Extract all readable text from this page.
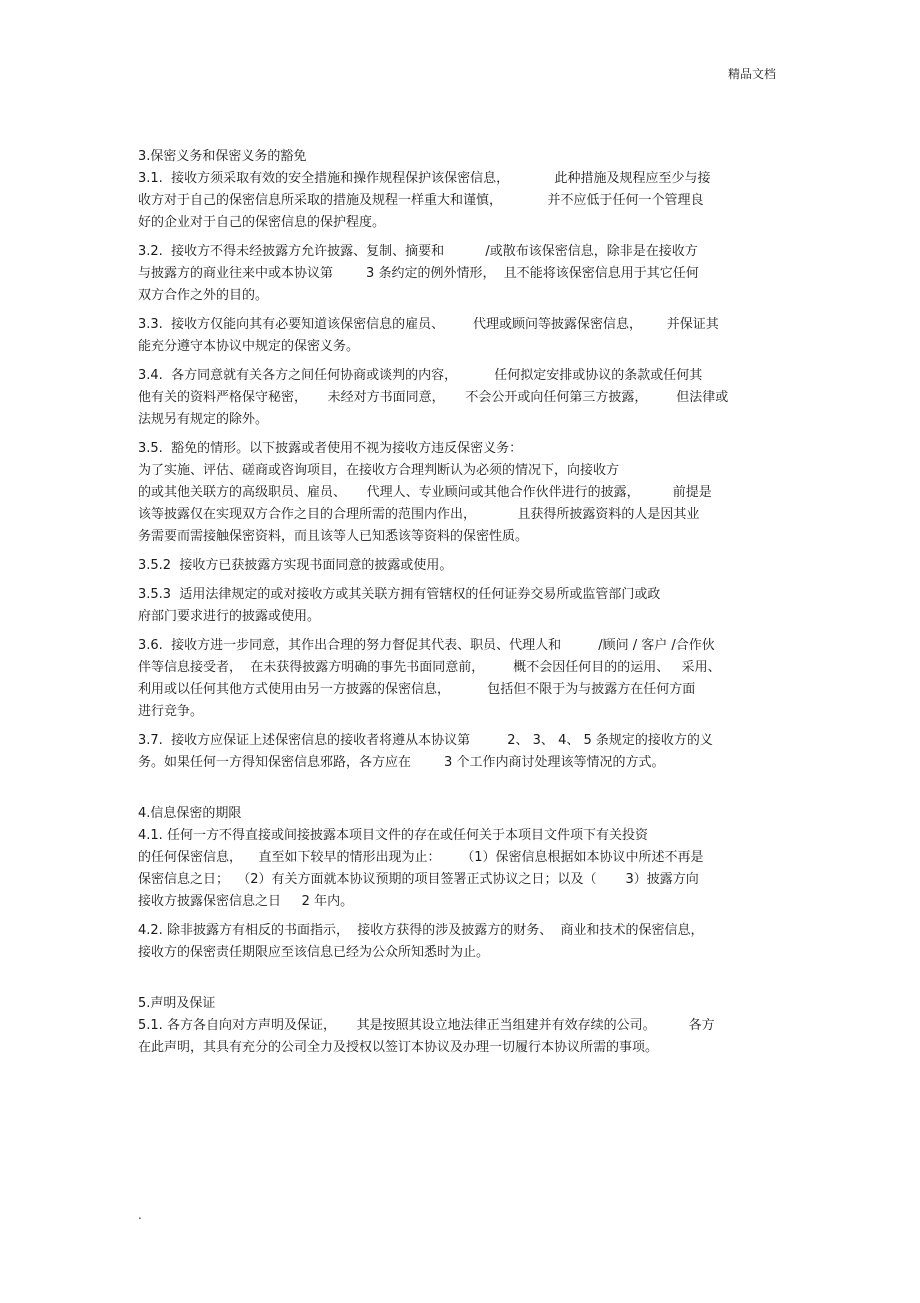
精品文档
3.保密义务和保密义务的豁免
3.1.  接收方须采取有效的安全措施和操作规程保护该保密信息，           此种措施及规程应至少与接
收方对于自己的保密信息所采取的措施及规程一样重大和谨慎，           并不应低于任何一个管理良
好的企业对于自己的保密信息的保护程度。
3.2.  接收方不得未经披露方允许披露、复制、摘要和          /或散布该保密信息，除非是在接收方
与披露方的商业往来中或本协议第        3 条约定的例外情形，  且不能将该保密信息用于其它任何
双方合作之外的目的。
3.3.  接收方仅能向其有必要知道该保密信息的雇员、       代理或顾问等披露保密信息，      并保证其
能充分遵守本协议中规定的保密义务。
3.4.  各方同意就有关各方之间任何协商或谈判的内容，         任何拟定安排或协议的条款或任何其
他有关的资料严格保守秘密，     未经对方书面同意，     不会公开或向任何第三方披露，       但法律或
法规另有规定的除外。
3.5.  豁免的情形。以下披露或者使用不视为接收方违反保密义务：
为了实施、评估、磋商或咨询项目，在接收方合理判断认为必须的情况下，向接收方
的或其他关联方的高级职员、雇员、     代理人、专业顾问或其他合作伙伴进行的披露，        前提是
该等披露仅在实现双方合作之目的合理所需的范围内作出，          且获得所披露资料的人是因其业
务需要而需接触保密资料，而且该等人已知悉该等资料的保密性质。
3.5.2  接收方已获披露方实现书面同意的披露或使用。
3.5.3  适用法律规定的或对接收方或其关联方拥有管辖权的任何证券交易所或监管部门或政
府部门要求进行的披露或使用。
3.6.  接收方进一步同意，其作出合理的努力督促其代表、职员、代理人和         /顾问 / 客户 /合作伙
伴等信息接受者，  在未获得披露方明确的事先书面同意前，       概不会因任何目的的运用、   采用、
利用或以任何其他方式使用由另一方披露的保密信息，         包括但不限于为与披露方在任何方面
进行竞争。
3.7.  接收方应保证上述保密信息的接收者将遵从本协议第         2、 3、 4、 5 条规定的接收方的义
务。如果任何一方得知保密信息邪路，各方应在        3 个工作内商讨处理该等情况的方式。
4.信息保密的期限
4.1. 任何一方不得直接或间接披露本项目文件的存在或任何关于本项目文件项下有关投资
的任何保密信息，    直至如下较早的情形出现为止：     （1）保密信息根据如本协议中所述不再是
保密信息之日；  （2）有关方面就本协议预期的项目签署正式协议之日；以及（       3）披露方向
接收方披露保密信息之日     2 年内。
4.2. 除非披露方有相反的书面指示，  接收方获得的涉及披露方的财务、  商业和技术的保密信息，
接收方的保密责任期限应至该信息已经为公众所知悉时为止。
5.声明及保证
5.1. 各方各自向对方声明及保证，     其是按照其设立地法律正当组建并有效存续的公司。        各方
在此声明，其具有充分的公司全力及授权以签订本协议及办理一切履行本协议所需的事项。
.
